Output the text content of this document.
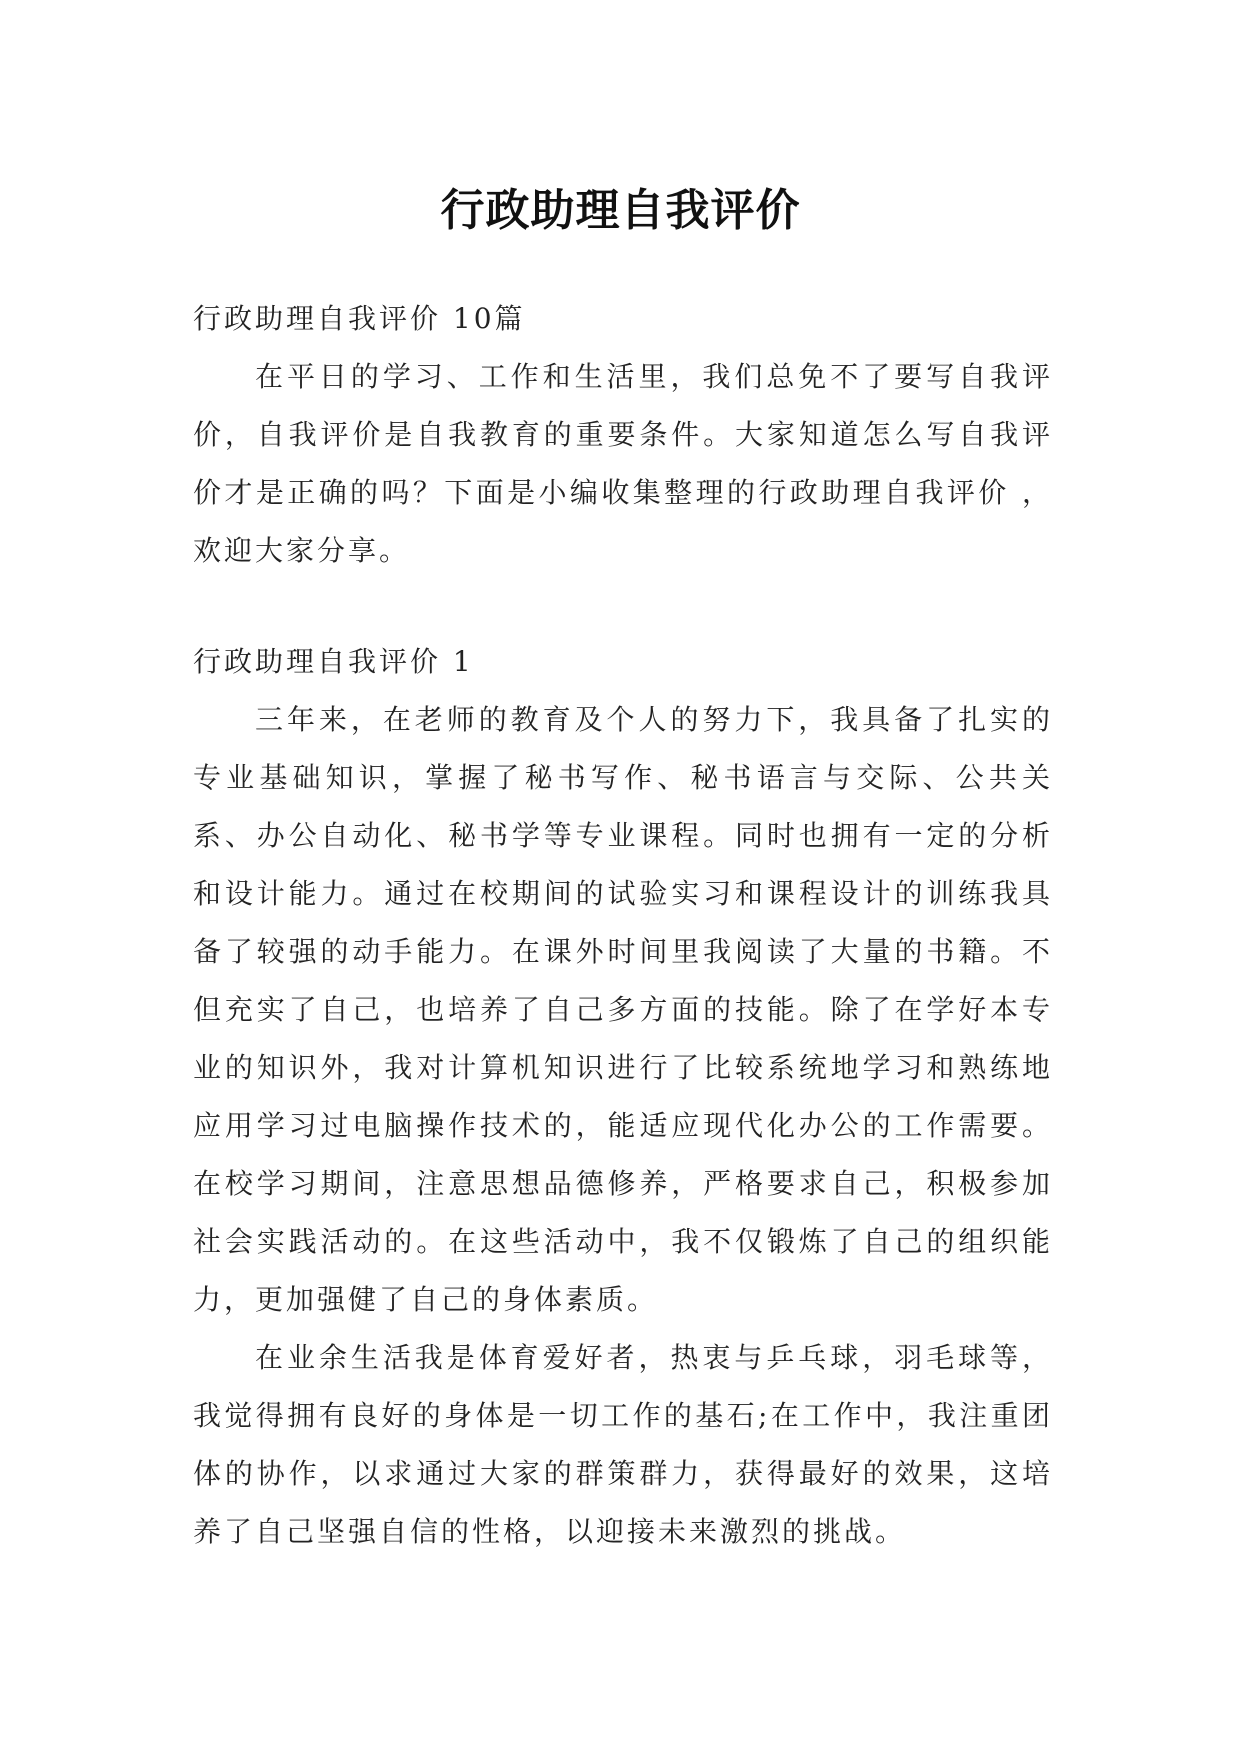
行政助理自我评价

行政助理自我评价 10篇

在平日的学习、工作和生活里，我们总免不了要写自我评价，自我评价是自我教育的重要条件。大家知道怎么写自我评价才是正确的吗？下面是小编收集整理的行政助理自我评价 ，欢迎大家分享。

行政助理自我评价 1

三年来，在老师的教育及个人的努力下，我具备了扎实的专业基础知识，掌握了秘书写作、秘书语言与交际、公共关系、办公自动化、秘书学等专业课程。同时也拥有一定的分析和设计能力。通过在校期间的试验实习和课程设计的训练我具备了较强的动手能力。在课外时间里我阅读了大量的书籍。不但充实了自己，也培养了自己多方面的技能。除了在学好本专业的知识外，我对计算机知识进行了比较系统地学习和熟练地应用学习过电脑操作技术的，能适应现代化办公的工作需要。在校学习期间，注意思想品德修养，严格要求自己，积极参加社会实践活动的。在这些活动中，我不仅锻炼了自己的组织能力，更加强健了自己的身体素质。

在业余生活我是体育爱好者，热衷与乒乓球，羽毛球等，我觉得拥有良好的身体是一切工作的基石;在工作中，我注重团体的协作，以求通过大家的群策群力，获得最好的效果，这培养了自己坚强自信的性格，以迎接未来激烈的挑战。
